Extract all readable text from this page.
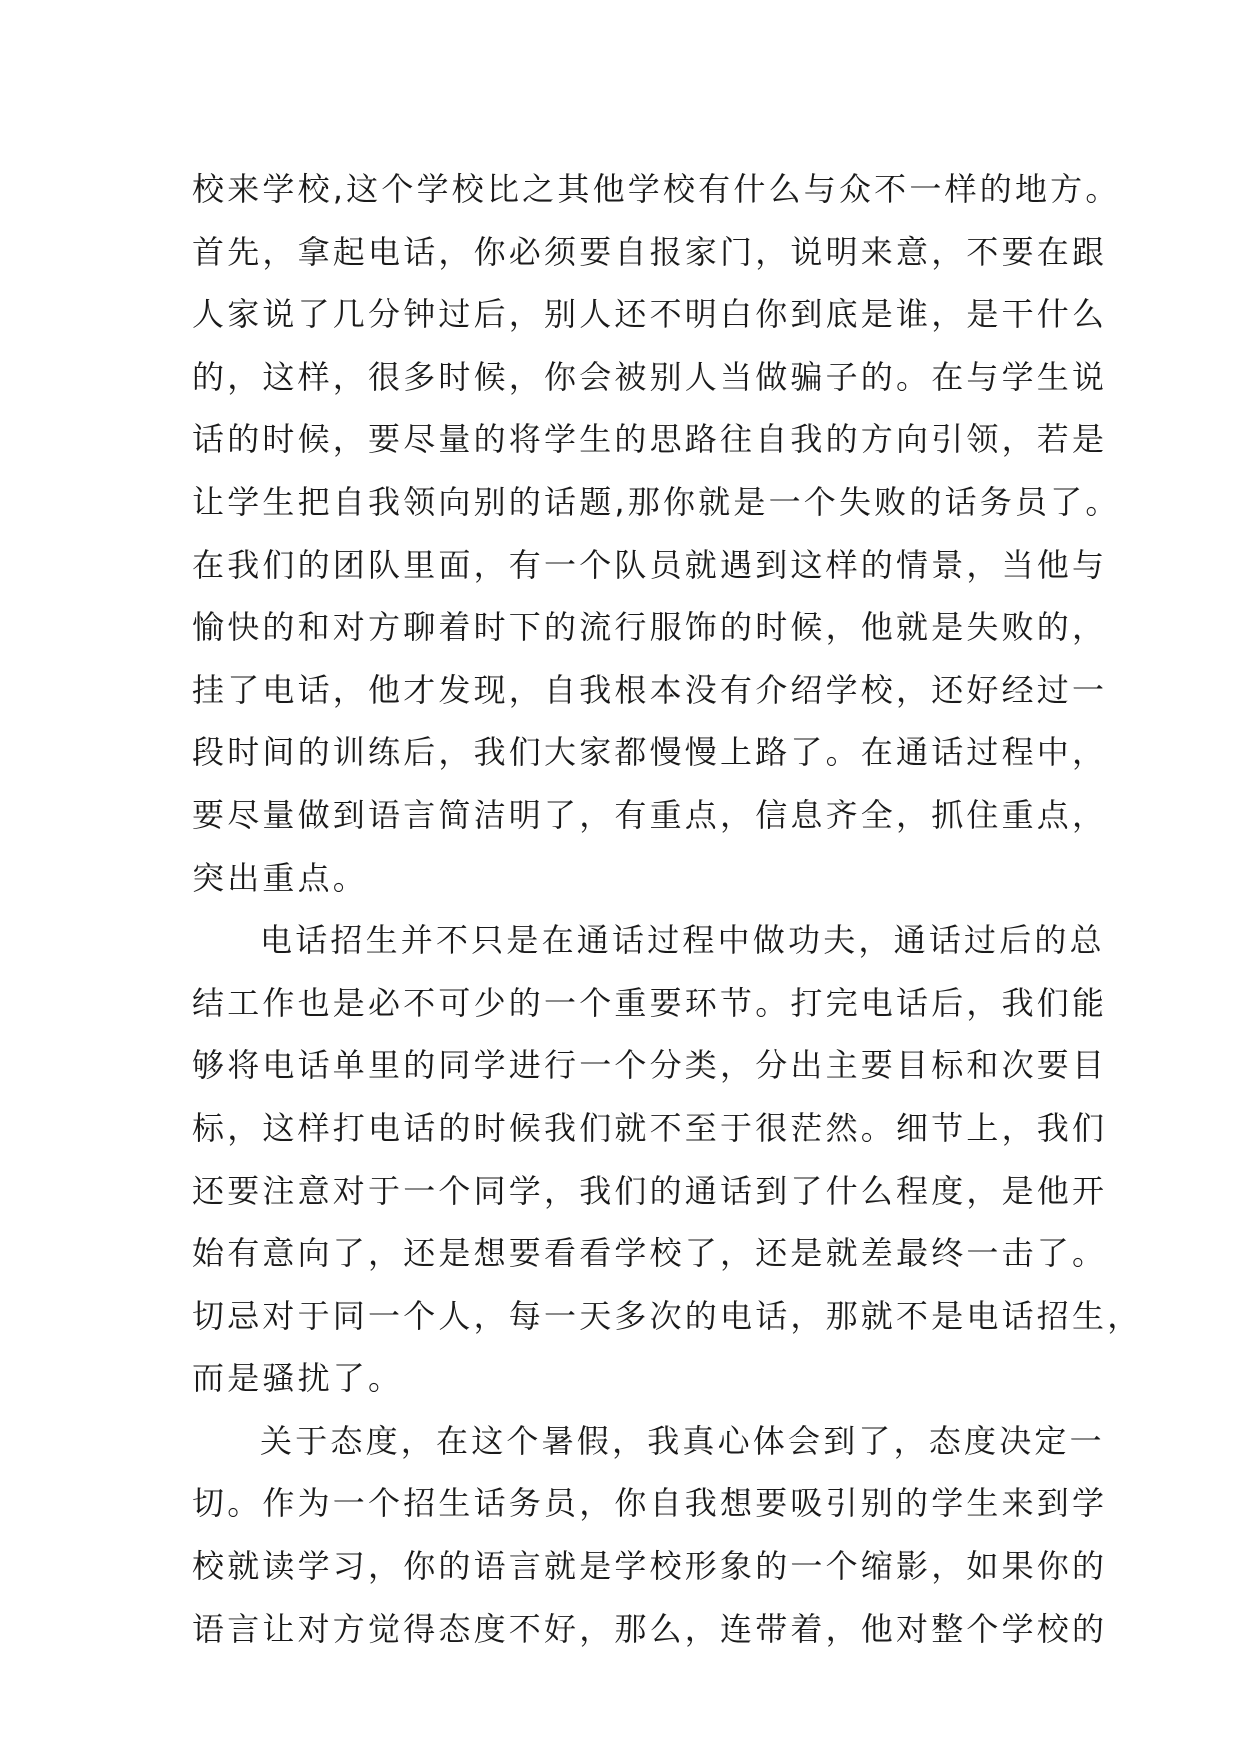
校来学校,这个学校比之其他学校有什么与众不一样的地方。
首先，拿起电话，你必须要自报家门，说明来意，不要在跟
人家说了几分钟过后，别人还不明白你到底是谁，是干什么
的，这样，很多时候，你会被别人当做骗子的。在与学生说
话的时候，要尽量的将学生的思路往自我的方向引领，若是
让学生把自我领向别的话题,那你就是一个失败的话务员了。
在我们的团队里面，有一个队员就遇到这样的情景，当他与
愉快的和对方聊着时下的流行服饰的时候，他就是失败的，
挂了电话，他才发现，自我根本没有介绍学校，还好经过一
段时间的训练后，我们大家都慢慢上路了。在通话过程中，
要尽量做到语言简洁明了，有重点，信息齐全，抓住重点，
突出重点。
电话招生并不只是在通话过程中做功夫，通话过后的总
结工作也是必不可少的一个重要环节。打完电话后，我们能
够将电话单里的同学进行一个分类，分出主要目标和次要目
标，这样打电话的时候我们就不至于很茫然。细节上，我们
还要注意对于一个同学，我们的通话到了什么程度，是他开
始有意向了，还是想要看看学校了，还是就差最终一击了。
切忌对于同一个人，每一天多次的电话，那就不是电话招生，
而是骚扰了。
关于态度，在这个暑假，我真心体会到了，态度决定一
切。作为一个招生话务员，你自我想要吸引别的学生来到学
校就读学习，你的语言就是学校形象的一个缩影，如果你的
语言让对方觉得态度不好，那么，连带着，他对整个学校的
